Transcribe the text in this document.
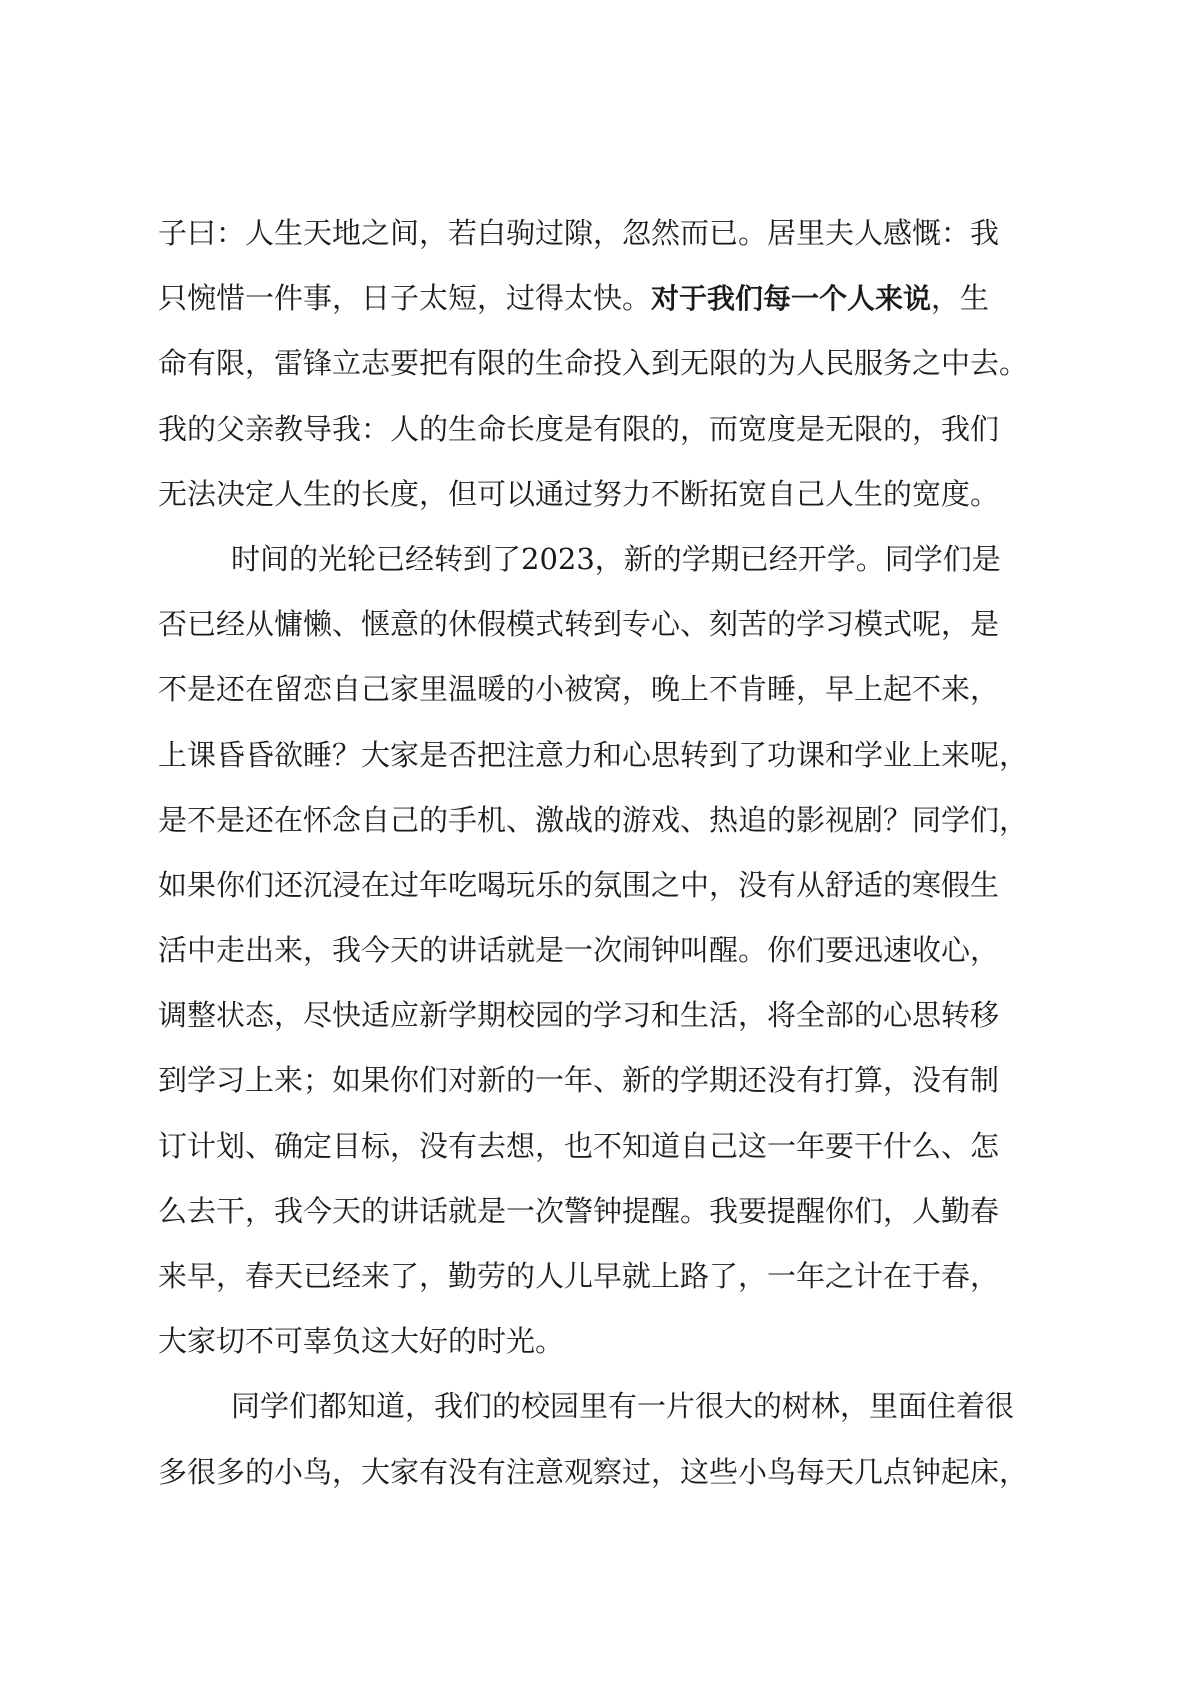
子曰：人生天地之间，若白驹过隙，忽然而已。居里夫人感慨：我
只惋惜一件事，日子太短，过得太快。对于我们每一个人来说，生
命有限，雷锋立志要把有限的生命投入到无限的为人民服务之中去。
我的父亲教导我：人的生命长度是有限的，而宽度是无限的，我们
无法决定人生的长度，但可以通过努力不断拓宽自己人生的宽度。
时间的光轮已经转到了2023，新的学期已经开学。同学们是
否已经从慵懒、惬意的休假模式转到专心、刻苦的学习模式呢，是
不是还在留恋自己家里温暖的小被窝，晚上不肯睡，早上起不来，
上课昏昏欲睡？大家是否把注意力和心思转到了功课和学业上来呢，
是不是还在怀念自己的手机、激战的游戏、热追的影视剧？同学们，
如果你们还沉浸在过年吃喝玩乐的氛围之中，没有从舒适的寒假生
活中走出来，我今天的讲话就是一次闹钟叫醒。你们要迅速收心，
调整状态，尽快适应新学期校园的学习和生活，将全部的心思转移
到学习上来；如果你们对新的一年、新的学期还没有打算，没有制
订计划、确定目标，没有去想，也不知道自己这一年要干什么、怎
么去干，我今天的讲话就是一次警钟提醒。我要提醒你们，人勤春
来早，春天已经来了，勤劳的人儿早就上路了，一年之计在于春，
大家切不可辜负这大好的时光。
同学们都知道，我们的校园里有一片很大的树林，里面住着很
多很多的小鸟，大家有没有注意观察过，这些小鸟每天几点钟起床，
